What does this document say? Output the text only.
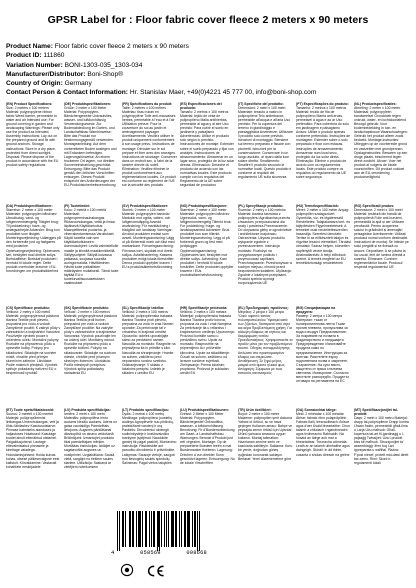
GPSR Label for : Floor fabric cover fleece 2 meters x 90 meters
Product Name: Floor fabric cover fleece 2 meters x 90 meters
Product ID: 111860
Variation Number: BONI-1303-035_1303-034
Manufacturer/Distributor: Boni-Shop®
Country of Origin: Germany
Contact Person & Contact Information: Hr. Stanislav Maer, +49(0)4221 45 777 00, info@boni-shop.com
(EN) Product Specifications:
Size: 2 meters x 100 meters Material: polypropylene ribbon fabric Weed barrier, permeable to water and air Intended use: For ground covering in garden and landscaping Warnings: Please only use the product as intended. Assembly instructions: Lay out on the prepared ground and fix with ground anchors. Storage instructions: Store in a dry place, protected from direct sunlight. Disposal: Please dispose of the product in accordance with the EU product safety regulations
(DE) Produktspezifikationen:
Größe: 2 meter x 100 Meter Material: Polypropylen-Bändchengewebe Unkrautvlies, wasser- und luftdurchlässig Verwendungszweck: Zur Bodenabdeckung im Garten- und Landschaftsbau Warnhinweise: Bitte das Produkt nur bestimmungsgemäß verwenden. Montageanleitung: Auf dem vorbereiteten Boden auslegen und mit Erdankern befestigen. Lagerungshinweise: An einem trockenen Ort lagern, vor direkter Sonneneinstrahlung geschützt. Entsorgung: Bitte das Produkt gemäß den örtlichen Vorschriften entsorgen. Dieses Produkt entspricht den Anforderungen der EU-Produktsicherheitsverordnung
(FR) Spécifications du produit:
Taille: 2 mètres x 100 mètres Matériau: tissu ruban en polypropylène Toile anti-mauvaises herbes, perméable à l'eau et à l'air Utilisation prévue: Pour la couverture du sol au jardin et aménagement paysager Avertissements: Veuillez utiliser le produit uniquement conformément à son usage prévu. Instructions de montage: Dérouler sur le sol préparé et fixer avec des ancrages. Instructions de stockage: Conserver dans un endroit sec, à l'abri de la lumière directe du soleil. Élimination: Veuillez éliminer le produit conformément aux réglementations locales. Ce produit est conforme au règlement de l'UE sur la sécurité des produits
(ES) Especificaciones del producto:
Tamaño: 2 metros x 100 metros Material: tejido de cinta de polipropileno Malla antihierbas, permeable al agua y al aire Uso previsto: Para cubrir el suelo en jardinería y paisajismo Advertencias: Utilice el producto solo según lo previsto. Instrucciones de montaje: Extender sobre el suelo preparado y fijar con anclajes. Instrucciones de almacenamiento: Almacenar en un lugar seco, protegido de la luz solar directa. Eliminación: Deseche el producto de acuerdo con las normativas locales. Este producto cumple con los requisitos del Reglamento de la UE sobre seguridad de productos
(IT) Specifiche del prodotto:
Dimensioni: 2 metri x 100 metri Materiale: tessuto a nastro in polipropilene Telo antierbacce, permeabile all'acqua e all'aria Uso previsto: Per la copertura del terreno in giardinaggio e paesaggistica Avvertenze: Utilizzare il prodotto solo come previsto. Istruzioni di montaggio: Stendere sul terreno preparato e fissare con picchetti. Istruzioni per la conservazione: Conservare in un luogo asciutto, al riparo dalla luce solare diretta. Smaltimento: Smaltire il prodotto secondo le normative locali. Questo prodotto è conforme ai requisiti del regolamento UE sulla sicurezza
(PT) Especificações do produto:
Tamanho: 2 metros x 100 metros Material: tecido de fita de polipropileno Manta anti-ervas, permeável à água e ao ar Uso pretendido: Para cobertura do solo em jardinagem e paisagismo Avisos: Utilize o produto apenas conforme pretendido. Instruções de montagem: Estender sobre o solo preparado e fixar com estacas. Instruções de armazenamento: Armazenar num local seco, protegido da luz solar direta. Eliminação: Elimine o produto de acordo com os regulamentos locais. Este produto cumpre os requisitos do regulamento da UE sobre segurança
(NL) Productspecificaties:
Afmeting: 2 meter x 100 meter Materiaal: polypropyleen bandweefsel Gronddoek tegen onkruid, water- en luchtdoorlatend Beoogd gebruik: Voor bodembedekking in tuin- en landschapsbouw Waarschuwingen: Gebruik het product alleen zoals bedoeld. Montage-instructies: Uitleggen op de voorbereide grond en vastzetten met grondpennen. Opslaginstructies: Bewaren op een droge plaats, beschermd tegen direct zonlicht. Afvoer: Voer het product af volgens de lokale voorschriften. Dit product voldoet aan de EU-verordening productveiligheid
(DA) Produktspecifikationer:
Størrelse: 2 meter x 100 meter Materiale: polypropylen båndvæv Ukrudtsdug, vand- og luftgennemtrængelig Tilsigtet brug: Til jorddækning i have- og anlægsarbejde Advarsler: Brug kun produktet som tilsigtet. Monteringsvejledning: Udlægges på den forberedte jord og fastgøres med jordankre. Opbevaringsvejledning: Opbevares tørt, beskyttet mod direkte sollys. Bortskaffelse: Bortskaf produktet i henhold til lokale regler. Dette produkt overholder kravene i EU-forordningen om produktsikkerhed
(FI) Tuotetiedot:
Koko: 2 metriä x 100 metriä Materiaali: polypropeeninauhakangas Rikkaruohokangas, vettä ja ilmaa läpäisevä Käyttötarkoitus: Maanpeitteeksi puutarha- ja viherrakentamisessa Varoitukset: Käytä tuotetta vain sen käyttötarkoitukseen. Asennusohjeet: Levitä valmistellulle maalle ja kiinnitä maakiinnikkeillä. Säilytysohjeet: Säilytä kuivassa paikassa, suojassa suoralta auringonvalolta. Hävittäminen: Hävitä tuote paikallisten määräysten mukaisesti. Tämä tuote täyttää EU:n tuoteturvallisuusasetuksen vaatimukset
(SV) Produktspecifikationer:
Storlek: 2 meter x 100 meter Material: polypropylen bandväv Markduk mot ogräs, vatten- och luftgenomsläpplig Avsedd användning: För marktäckning i trädgård och landskap Varningar: Använd produkten endast som avsett. Monteringsanvisning: Lägg ut på förberedd mark och fäst med markankare. Förvaringsanvisning: Förvaras torrt, skyddat mot direkt solljus. Avfallshantering: Kassera produkten enligt lokala föreskrifter. Denna produkt uppfyller kraven i EU:s produktsäkerhetsförordning
(NO) Produktspesifikasjoner:
Størrelse: 2 meter x 100 meter Materiale: polypropylen båndvev Ugressduk, vann- og luftgjennomtrengelig Tiltenkt bruk: For jorddekking i hage- og landskapsarbeid Advarsler: Bruk produktet kun som tiltenkt. Monteringsanvisning: Legg ut på forberedt grunn og fest med jordplugger. Oppbevaringsanvisning: Oppbevares tørt, beskyttet mot direkte sollys. Avhending: Kast produktet i henhold til lokale forskrifter. Dette produktet oppfyller kravene i EUs produktsikkerhetsforordning
(PL) Specyfikacje produktu:
Rozmiar: 2 metry x 100 metrów Materiał: tkanina taśmowa z polipropylenu Agrotkanina przeciw chwastom, przepuszczalna dla wody i powietrza Przeznaczenie: Do okrywania gleby w ogrodnictwie i architekturze krajobrazu Ostrzeżenia: Używać produktu wyłącznie zgodnie z przeznaczeniem. Instrukcja montażu: Rozłożyć na przygotowanym podłożu i przymocować szpilkami. Przechowywanie: Przechowywać w suchym miejscu, chronić przed bezpośrednim światłem. Utylizacja: Zgodnie z lokalnymi przepisami. Produkt spełnia wymogi rozporządzenia UE
(HU) Termékspecifikációk:
Méret: 2 méter x 100 méter Anyag: polipropilén szalagszövet Gyomfólia, víz- és légáteresztő Rendeltetés: Talajtakarásra kert- és tájépítésben Figyelmeztetések: A terméket csak rendeltetésszerűen használja. Szerelési útmutató: Terítse ki az előkészített talajon és rögzítse leszúró elemekkel. Tárolási útmutató: Száraz helyen, közvetlen napfénytől védve tárolja. Ártalmatlanítás: A helyi előírások szerint. A termék megfelel az EU termékbiztonsági rendeletének
(RO) Specificații produs:
Dimensiune: 2 metri x 100 metri Material: țesătură din bandă de polipropilenă Folie anti-buruieni, permeabilă la apă și aer Utilizare prevăzută: Pentru acoperirea solului în grădinărit și amenajări peisagistice Avertismente: Utilizați produsul numai conform destinației. Instrucțiuni de montaj: Se întinde pe solul pregătit și se fixează cu ancore. Depozitare: A se păstra la loc uscat, ferit de lumina directă a soarelui. Eliminare: Conform reglementărilor locale. Produsul respectă regulamentul UE
(CS) Specifikace produktu:
Velikost: 2 metry x 100 metrů Materiál: polypropylenová pásková tkanina Textilie proti plevelu, propustná pro vodu a vzduch Zamýšlené použití: K zakrytí půdy v zahradnictví a krajinářství Varování: Používejte výrobek pouze k určenému účelu. Montážní pokyny: Rozložte na připravenou půdu a upevněte kolíky. Pokyny pro skladování: Skladujte na suchém místě, chraňte před přímým slunečním zářením. Likvidace: Podle místních předpisů. Výrobek splňuje požadavky nařízení EU o bezpečnosti výrobků
(SK) Špecifikácie produktu:
Veľkosť: 2 metre x 100 metrov Materiál: polypropylénová pásková tkanina Textília proti burine, priepustná pre vodu a vzduch Zamýšľané použitie: Na zakrytie pôdy v záhradníctve a krajinárstve Varovania: Výrobok používajte len na určený účel. Montážny návod: Rozložte na pripravenú pôdu a upevnite kolíkmi. Pokyny na skladovanie: Skladujte na suchom mieste, chráňte pred priamym slnečným žiarením. Likvidácia: Podľa miestnych predpisov. Výrobok spĺňa požiadavky nariadenia EÚ
(SL) Specifikacije izdelka:
Velikost: 2 metra x 100 metrov Material: polipropilenska trakasta tkanina Tkanina proti plevelu, prepustna za vodo in zrak Namen uporabe: Za prekrivanje tal v vrtnarstvu in krajinski ureditvi Opozorila: Izdelek uporabljajte samo za predvideni namen. Navodila za montažo: Razgrnite na pripravljena tla in pritrdite s klini. Navodila za shranjevanje: Hranite na suhem, zaščiteno pred neposredno sončno svetlobo. Odstranjevanje: V skladu z lokalnimi predpisi. Izdelek je skladen z uredbo EU
(HR) Specifikacije proizvoda:
Veličina: 2 metra x 100 metara Materijal: polipropilenska trakasta tkanina Tkanina protiv korova, propusna za vodu i zrak Namjena: Za prekrivanje tla u vrtlarstvu i krajobraznom uređenju Upozorenja: Proizvod koristite samo u predviđenu svrhu. Upute za montažu: Rasprostrite na pripremljeno tlo i pričvrstite klinovima. Upute za skladištenje: Čuvati na suhom, zaštićeno od izravne sunčeve svjetlosti. Zbrinjavanje: Prema lokalnim propisima. Proizvod je sukladan uredbi EU
(EL) Προδιαγραφές προϊόντος:
Μέγεθος: 2 μέτρα x 100 μέτρα Υλικό: υφαντό ταινίας πολυπροπυλενίου Ύφασμα κατά των ζιζανίων, διαπερατό από νερό και αέρα Προβλεπόμενη χρήση: Για κάλυψη εδάφους σε κήπους και διαμόρφωση τοπίου Προειδοποιήσεις: Χρησιμοποιείτε το προϊόν μόνο για τον προβλεπόμενο σκοπό. Οδηγίες συναρμολόγησης: Απλώστε στο προετοιμασμένο έδαφος και στερεώστε. Αποθήκευση: Σε ξηρό μέρος, μακριά από άμεσο ηλιακό φως. Απόρριψη: Σύμφωνα με τους τοπικούς κανονισμούς
(BG) Спецификации на продукта:
Размер: 2 метра x 100 метра Материал: тъкан от полипропиленова лента Тъкан против плевели, пропусклива за вода и въздух Предназначение: За покриване на почвата в градинарството и ландшафта Предупреждения: Използвайте продукта само по предназначение. Инструкции за монтаж: Разстелете върху подготвената почва и закрепете. Съхранение: На сухо място, защитено от пряка слънчева светлина. Изхвърляне: Съгласно местните разпоредби. Продуктът отговаря на регламента на ЕС
(ET) Toote spetsifikatsioonid:
Suurus: 2 meetrit x 100 meetrit Materjal: polüpropüleenist lintkangas Umbrohukangas, vett ja õhku läbilaskev Kasutusotstarve: Pinnase katmiseks aianduses ja haljastuses Hoiatused: Kasutage toodet ainult ettenähtud otstarbel. Paigaldusjuhend: Laotage ettevalmistatud pinnasele ja kinnitage vaiadega. Hoiustamisjuhised: Hoida kuivas kohas, otsese päikesevalguse eest kaitstult. Kõrvaldamine: Vastavalt kohalikele eeskirjadele
(LV) Produkta specifikācijas:
Izmērs: 2 metri x 100 metri Materiāls: polipropilēna lentu audums Nezāļu audums, ūdens un gaisa caurlaidīgs Paredzētais lietojums: Augsnes pārklāšanai dārzkopībā un ainavu veidošanā Brīdinājumi: Izmantojiet produktu tikai paredzētajam mērķim. Montāžas instrukcijas: Izklājiet uz sagatavotās augsnes un nostipriniet. Uzglabāšana: Sausā vietā, sargājot no tiešiem saules stariem. Utilizācija: Saskaņā ar vietējiem noteikumiem
(LT) Produkto specifikacijos:
Dydis: 2 metrai x 100 metrų Medžiaga: polipropileno juostelių audinys Agroplėvelė nuo piktžolių, praleidžianti vandenį ir orą Paskirtis: Dirvožemiui uždengti sodininkystėje ir kraštovaizdžio tvarkyme Įspėjimai: Naudokite gaminį tik pagal paskirtį. Montavimo instrukcija: Paskleiskite ant paruošto dirvožemio ir pritvirtinkite. Laikymas: Sausoje vietoje, saugoti nuo tiesioginių saulės spindulių. Šalinimas: Pagal vietos taisykles
(LU) Produktspezifikatiounen:
Gréisst: 2 Meter x 100 Meter Material: Polypropylen-Bändchegewief Onkrautfliss, waasser- a loftduerchlässeg Benotzung: Fir d'Buedemofdeckung am Gaart- a Landschaftsbau Warnungen: Benotzt d'Produkt just wéi virgesinn. Montage: Op de preparéierte Buedem leeën a mat Buedemanker fixéieren. Lagerung: Dréchen a vun direkter Sonn geschützt lageren. Entsuergung: No de lokale Virschrëften
(TR) Ürün özellikleri:
Boyut: 2 metre x 100 metre Malzeme: polipropilen şerit dokuma Yabani ot örtüsü, su ve hava geçirgen Kullanım amacı: Bahçe ve peyzajda zemin örtüsü için Uyarılar: Ürünü yalnızca amacına uygun kullanın. Montaj talimatları: Hazırlanan zemine serin ve kazıklarla sabitleyin. Saklama: Kuru bir yerde, doğrudan güneş ışığından korunarak saklayın. Bertaraf: Yerel düzenlemelere göre
(GA) Sonraíochtaí táirge:
Méid: 2 mhéadar x 100 méadar Ábhar: fabraic ribín polapróipiléin Fabraic fiailí, tréscaoilteach d'uisce agus d'aer Úsáid bheartaithe: Chun talamh a chlúdach i ngairdíneacht agus tírdhreachú Rabhaidh: Ná húsáid an táirge ach mar a bheartaítear. Treoracha cóimeála: Leath ar an talamh ullmhaithe agus daingnigh. Stóráil: In áit thirim, cosanta ó sholas díreach na gréine
(MT) Speċifikazzjonijiet tal-prodott:
Daqs: 2 metri x 100 metru Materjal: drapp tal-polipropilene Drapp kontra l-ħaxix ħażin, permeabbli għall-ilma u l-arja Użu maħsub: Għall-kopertura tal-art fil-ġardinaġġ u l-pajsaġġ Twissijiet: Uża l-prodott biss kif maħsub. Struzzjonijiet ta' assemblaġġ: Ifrex fuq l-art ippreparata u waħħal. Ħażna: F'post niexef, protett mid-dawl dirett tax-xemx. Rimi: Skont ir-regolamenti lokali
4	058569	098668
